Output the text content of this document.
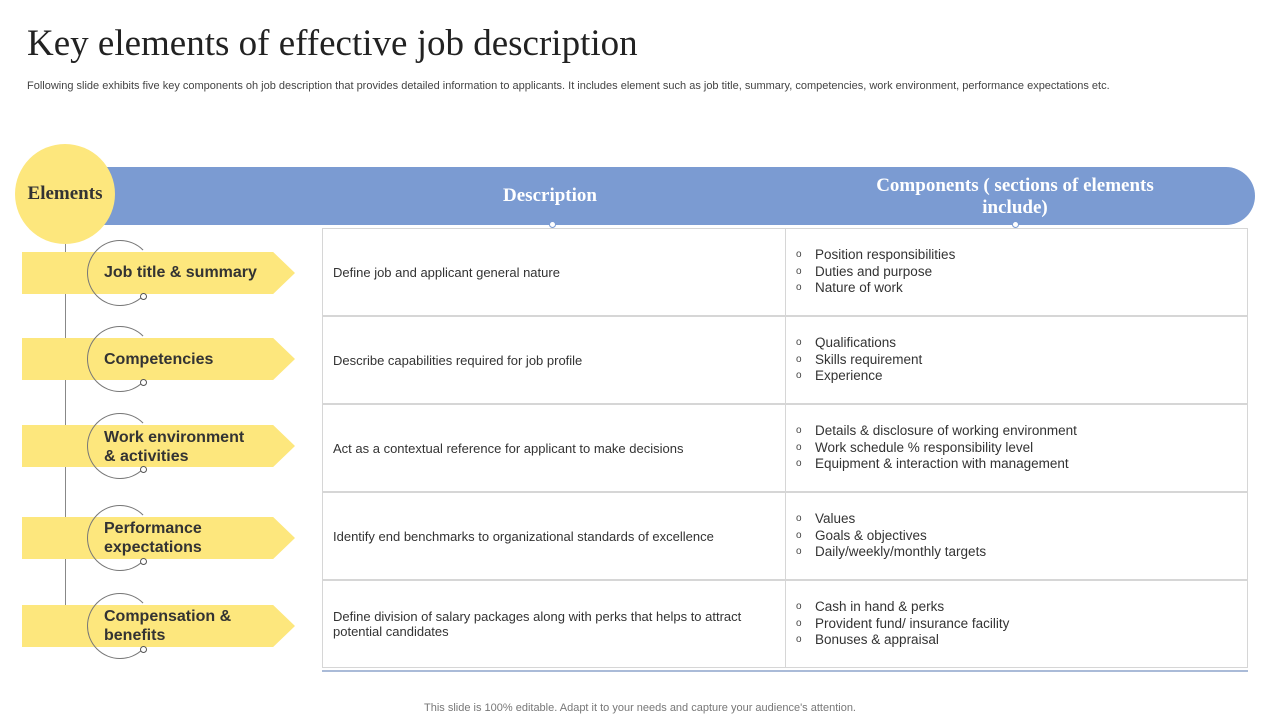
Key elements of effective job description
Following slide exhibits five key components oh job description that provides detailed information to applicants. It includes element such as job title, summary, competencies, work environment, performance expectations etc.
Description	Components ( sections of elements include)
Elements
Job title & summary
Competencies
Work environment & activities
Performance expectations
Compensation & benefits
Define job and applicant general nature
o Position responsibilities
o Duties and purpose
o Nature of work
Describe capabilities required for job profile
o Qualifications
o Skills requirement
o Experience
Act as a contextual reference for applicant to make decisions
o Details & disclosure of working environment
o Work schedule % responsibility level
o Equipment & interaction with management
Identify end benchmarks to organizational standards of excellence
o Values
o Goals & objectives
o Daily/weekly/monthly targets
Define division of salary packages along with perks that helps to attract potential candidates
o Cash in hand & perks
o Provident fund/ insurance facility
o Bonuses & appraisal
This slide is 100% editable. Adapt it to your needs and capture your audience's attention.
